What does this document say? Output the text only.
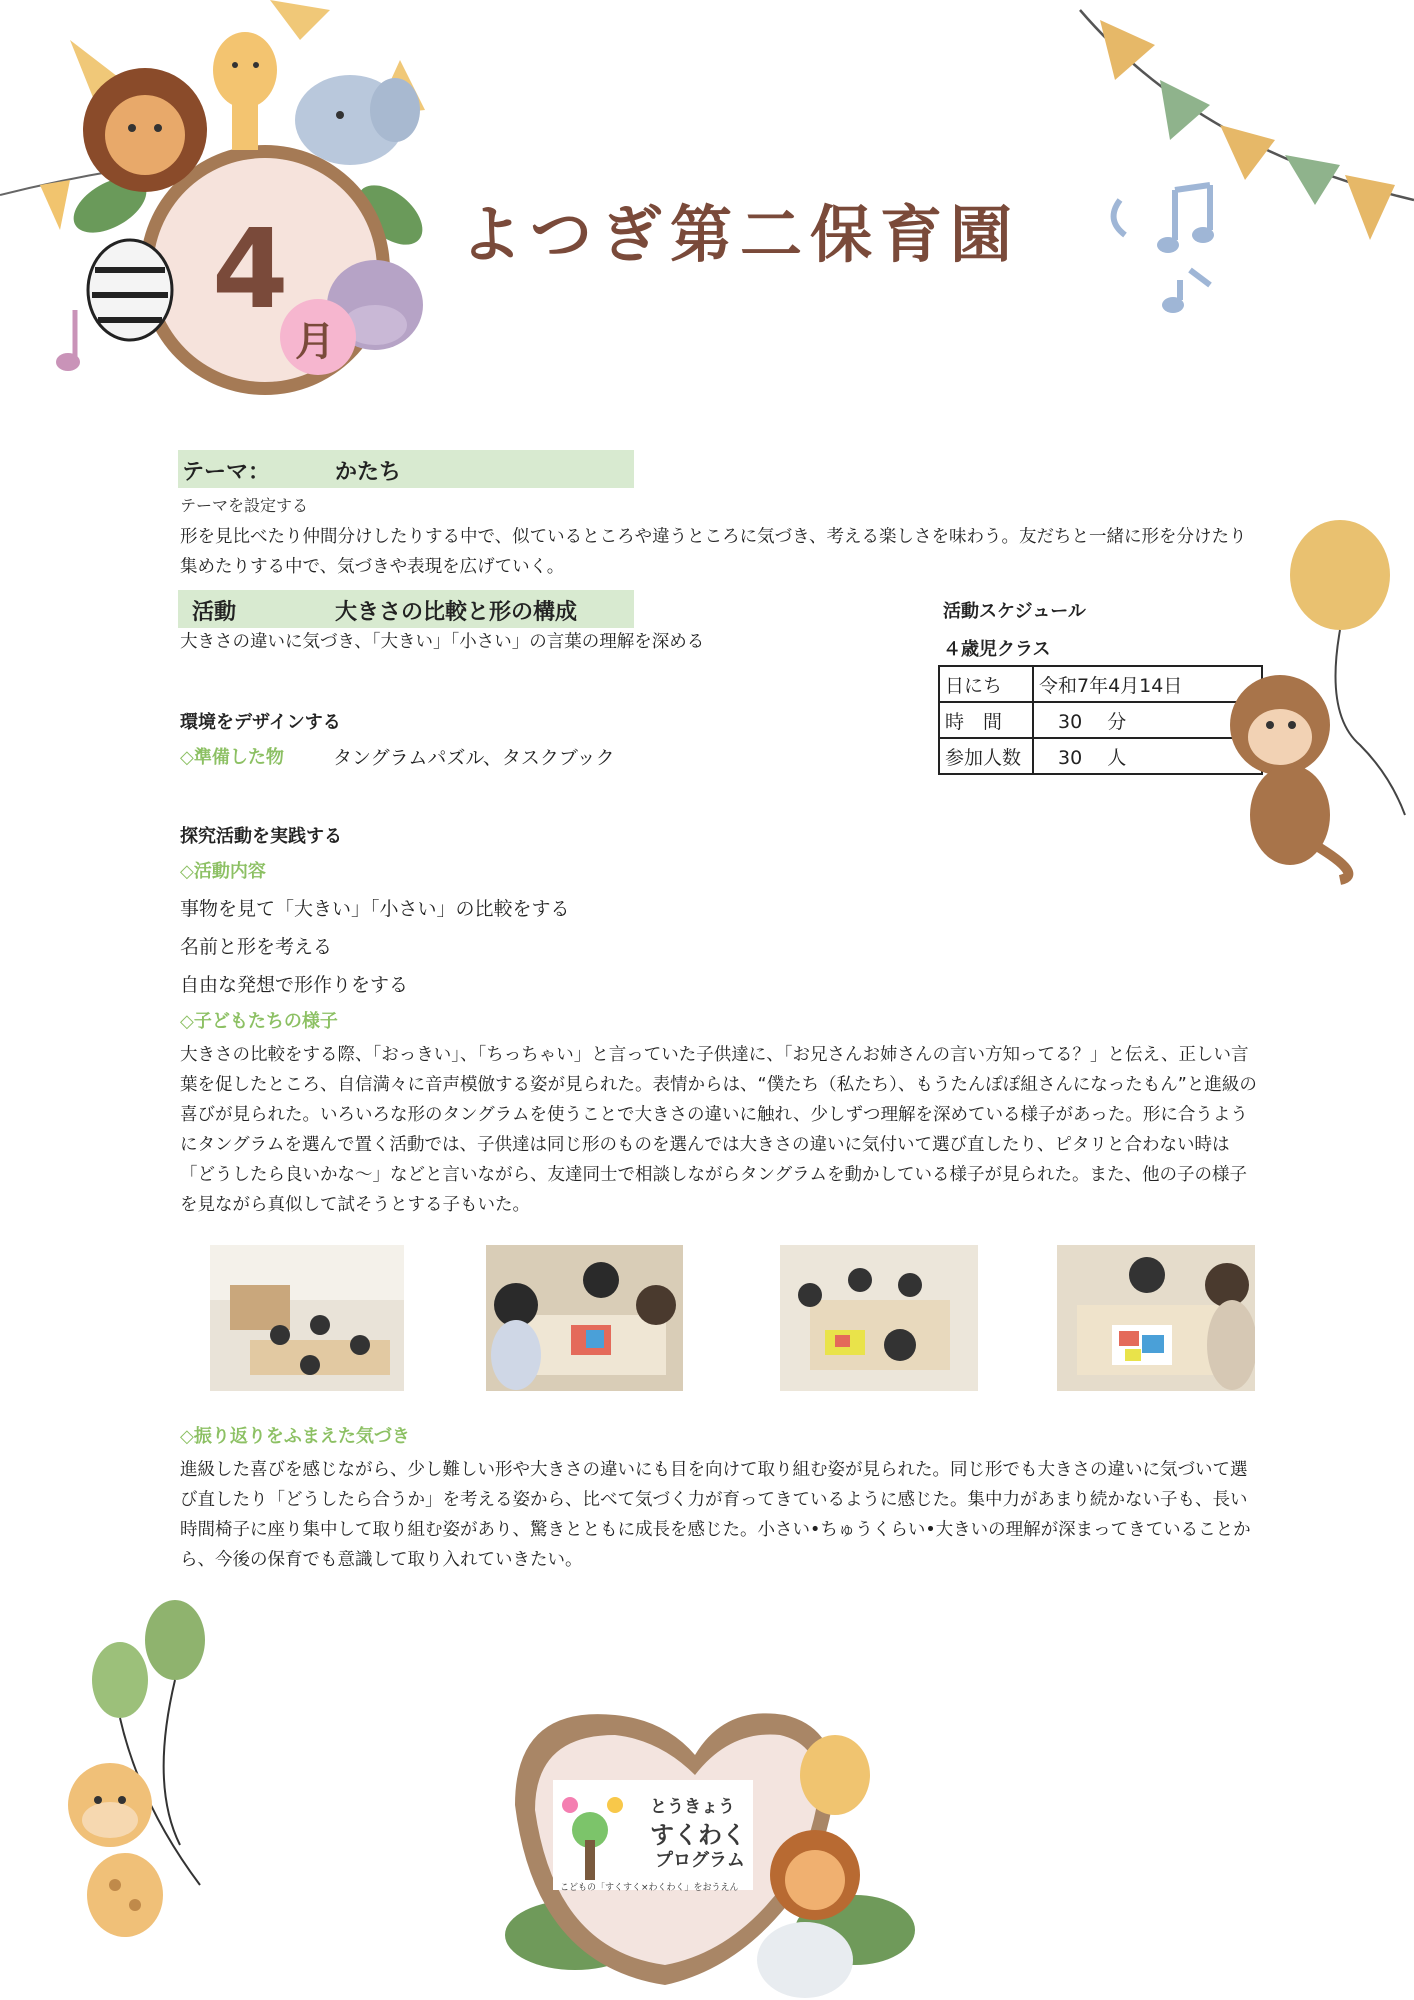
4
月
よつぎ第二保育園
テーマ：	かたち
テーマを設定する
形を見比べたり仲間分けしたりする中で、似ているところや違うところに気づき、考える楽しさを味わう。友だちと一緒に形を分けたり集めたりする中で、気づきや表現を広げていく。
活動	大きさの比較と形の構成
大きさの違いに気づき、「大きい」「小さい」の言葉の理解を深める
環境をデザインする
◇準備した物	タングラムパズル、タスクブック
活動スケジュール
４歳児クラス
日にち	令和7年4月14日
時　間	　30　 分
参加人数	　30　 人
探究活動を実践する
◇活動内容
事物を見て「大きい」「小さい」の比較をする
名前と形を考える
自由な発想で形作りをする
◇子どもたちの様子
大きさの比較をする際、「おっきい」、「ちっちゃい」と言っていた子供達に、「お兄さんお姉さんの言い方知ってる？」と伝え、正しい言葉を促したところ、自信満々に音声模倣する姿が見られた。表情からは、“僕たち（私たち）、もうたんぽぽ組さんになったもん”と進級の喜びが見られた。いろいろな形のタングラムを使うことで大きさの違いに触れ、少しずつ理解を深めている様子があった。形に合うようにタングラムを選んで置く活動では、子供達は同じ形のものを選んでは大きさの違いに気付いて選び直したり、ピタリと合わない時は「どうしたら良いかな～」などと言いながら、友達同士で相談しながらタングラムを動かしている様子が見られた。また、他の子の様子を見ながら真似して試そうとする子もいた。
◇振り返りをふまえた気づき
進級した喜びを感じながら、少し難しい形や大きさの違いにも目を向けて取り組む姿が見られた。同じ形でも大きさの違いに気づいて選び直したり「どうしたら合うか」を考える姿から、比べて気づく力が育ってきているように感じた。集中力があまり続かない子も、長い時間椅子に座り集中して取り組む姿があり、驚きとともに成長を感じた。小さい•ちゅうくらい•大きいの理解が深まってきていることから、今後の保育でも意識して取り入れていきたい。
とうきょう
すくわく
プログラム
こどもの「すくすく×わくわく」をおうえん
